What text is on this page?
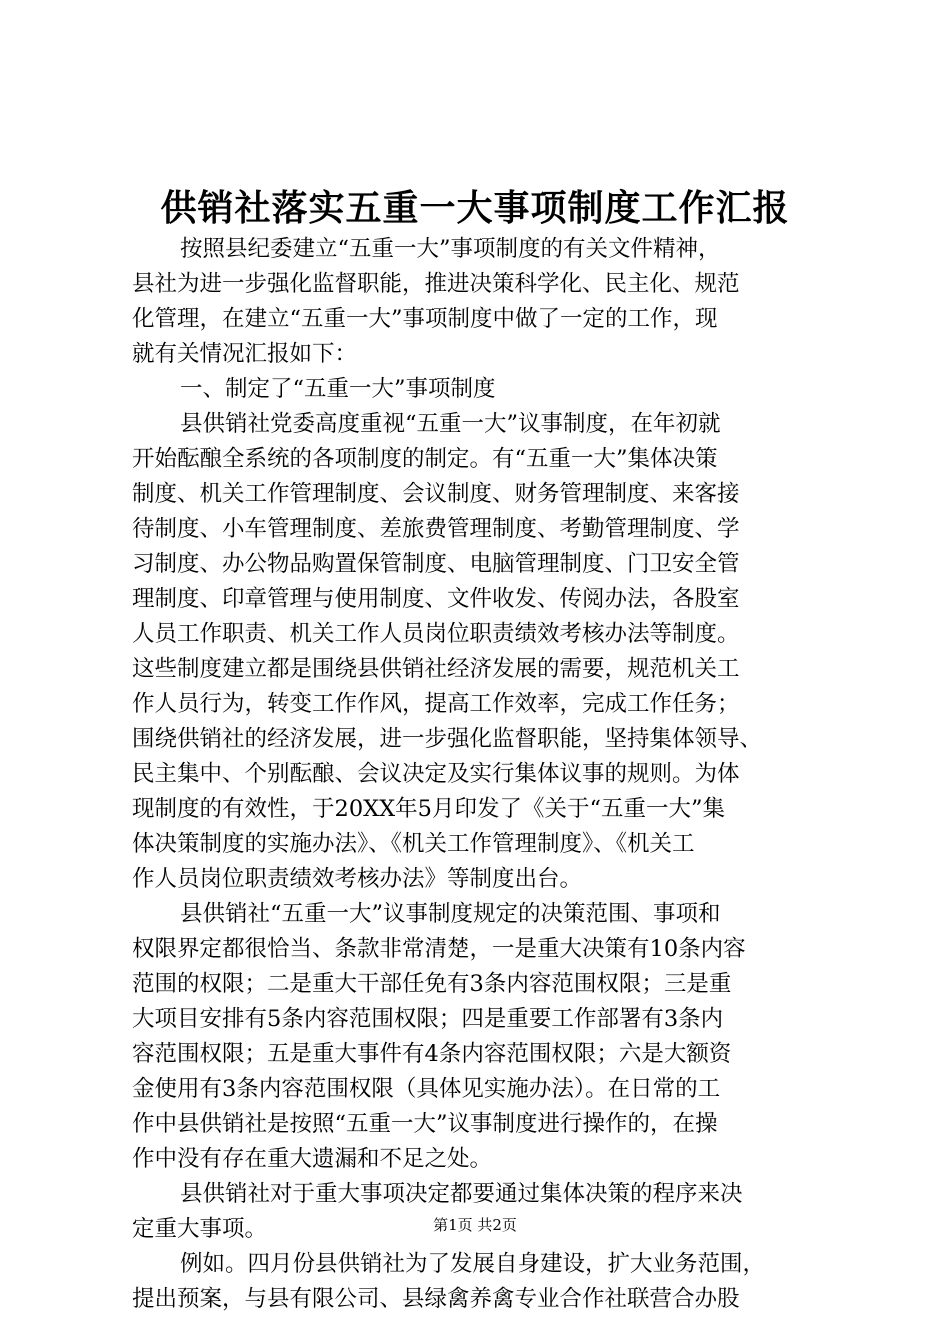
供销社落实五重一大事项制度工作汇报
按照县纪委建立“五重一大”事项制度的有关文件精神，
县社为进一步强化监督职能，推进决策科学化、民主化、规范
化管理，在建立“五重一大”事项制度中做了一定的工作，现
就有关情况汇报如下：
一、制定了“五重一大”事项制度
县供销社党委高度重视“五重一大”议事制度，在年初就
开始酝酿全系统的各项制度的制定。有“五重一大”集体决策
制度、机关工作管理制度、会议制度、财务管理制度、来客接
待制度、小车管理制度、差旅费管理制度、考勤管理制度、学
习制度、办公物品购置保管制度、电脑管理制度、门卫安全管
理制度、印章管理与使用制度、文件收发、传阅办法，各股室
人员工作职责、机关工作人员岗位职责绩效考核办法等制度。
这些制度建立都是围绕县供销社经济发展的需要，规范机关工
作人员行为，转变工作作风，提高工作效率，完成工作任务；
围绕供销社的经济发展，进一步强化监督职能，坚持集体领导、
民主集中、个别酝酿、会议决定及实行集体议事的规则。为体
现制度的有效性，于20XX年5月印发了《关于“五重一大”集
体决策制度的实施办法》、《机关工作管理制度》、《机关工
作人员岗位职责绩效考核办法》等制度出台。
县供销社“五重一大”议事制度规定的决策范围、事项和
权限界定都很恰当、条款非常清楚，一是重大决策有10条内容
范围的权限；二是重大干部任免有3条内容范围权限；三是重
大项目安排有5条内容范围权限；四是重要工作部署有3条内
容范围权限；五是重大事件有4条内容范围权限；六是大额资
金使用有3条内容范围权限（具体见实施办法）。在日常的工
作中县供销社是按照“五重一大”议事制度进行操作的，在操
作中没有存在重大遗漏和不足之处。
县供销社对于重大事项决定都要通过集体决策的程序来决
定重大事项。
例如。四月份县供销社为了发展自身建设，扩大业务范围，
提出预案，与县有限公司、县绿禽养禽专业合作社联营合办股
第1页 共2页
